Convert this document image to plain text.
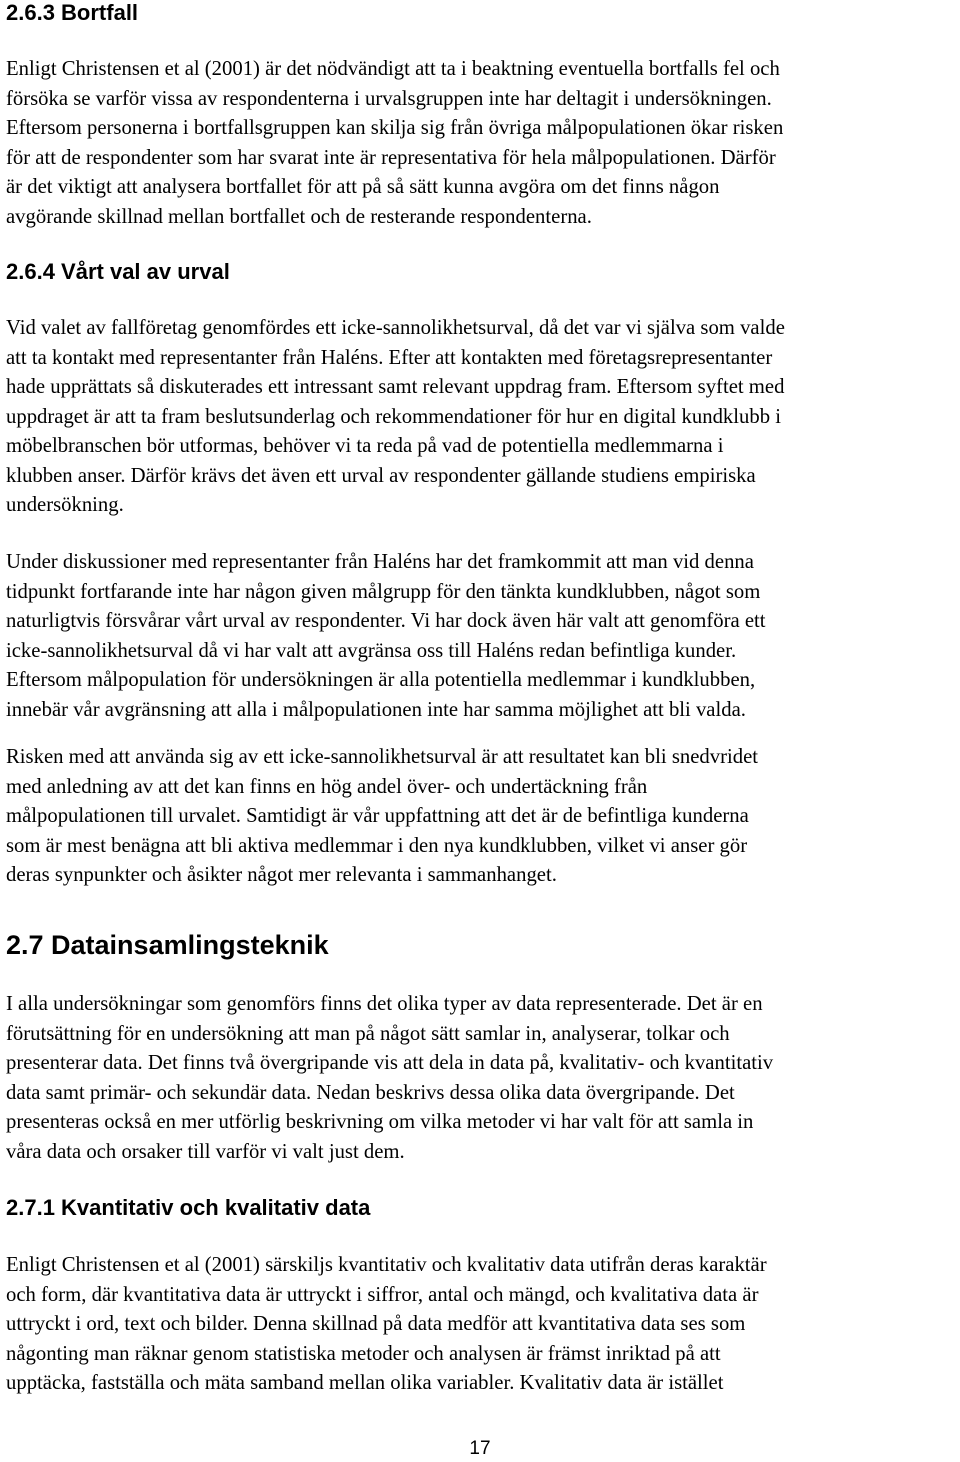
2.6.3 Bortfall

Enligt Christensen et al (2001) är det nödvändigt att ta i beaktning eventuella bortfalls fel och
försöka se varför vissa av respondenterna i urvalsgruppen inte har deltagit i undersökningen.
Eftersom personerna i bortfallsgruppen kan skilja sig från övriga målpopulationen ökar risken
för att de respondenter som har svarat inte är representativa för hela målpopulationen. Därför
är det viktigt att analysera bortfallet för att på så sätt kunna avgöra om det finns någon
avgörande skillnad mellan bortfallet och de resterande respondenterna.

2.6.4 Vårt val av urval

Vid valet av fallföretag genomfördes ett icke-sannolikhetsurval, då det var vi själva som valde
att ta kontakt med representanter från Haléns. Efter att kontakten med företagsrepresentanter
hade upprättats så diskuterades ett intressant samt relevant uppdrag fram. Eftersom syftet med
uppdraget är att ta fram beslutsunderlag och rekommendationer för hur en digital kundklubb i
möbelbranschen bör utformas, behöver vi ta reda på vad de potentiella medlemmarna i
klubben anser. Därför krävs det även ett urval av respondenter gällande studiens empiriska
undersökning.

Under diskussioner med representanter från Haléns har det framkommit att man vid denna
tidpunkt fortfarande inte har någon given målgrupp för den tänkta kundklubben, något som
naturligtvis försvårar vårt urval av respondenter. Vi har dock även här valt att genomföra ett
icke-sannolikhetsurval då vi har valt att avgränsa oss till Haléns redan befintliga kunder.
Eftersom målpopulation för undersökningen är alla potentiella medlemmar i kundklubben,
innebär vår avgränsning att alla i målpopulationen inte har samma möjlighet att bli valda.

Risken med att använda sig av ett icke-sannolikhetsurval är att resultatet kan bli snedvridet
med anledning av att det kan finns en hög andel över- och undertäckning från
målpopulationen till urvalet. Samtidigt är vår uppfattning att det är de befintliga kunderna
som är mest benägna att bli aktiva medlemmar i den nya kundklubben, vilket vi anser gör
deras synpunkter och åsikter något mer relevanta i sammanhanget.

2.7 Datainsamlingsteknik

I alla undersökningar som genomförs finns det olika typer av data representerade. Det är en
förutsättning för en undersökning att man på något sätt samlar in, analyserar, tolkar och
presenterar data. Det finns två övergripande vis att dela in data på, kvalitativ- och kvantitativ
data samt primär- och sekundär data. Nedan beskrivs dessa olika data övergripande. Det
presenteras också en mer utförlig beskrivning om vilka metoder vi har valt för att samla in
våra data och orsaker till varför vi valt just dem.

2.7.1 Kvantitativ och kvalitativ data

Enligt Christensen et al (2001) särskiljs kvantitativ och kvalitativ data utifrån deras karaktär
och form, där kvantitativa data är uttryckt i siffror, antal och mängd, och kvalitativa data är
uttryckt i ord, text och bilder. Denna skillnad på data medför att kvantitativa data ses som
någonting man räknar genom statistiska metoder och analysen är främst inriktad på att
upptäcka, fastställa och mäta samband mellan olika variabler. Kvalitativ data är istället

17
